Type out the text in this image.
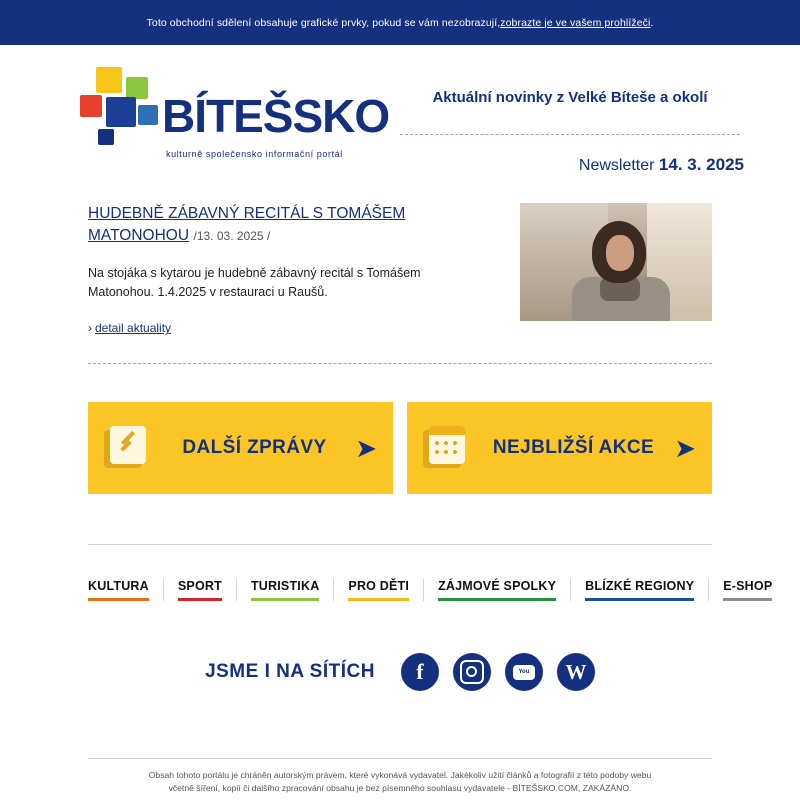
Toto obchodní sdělení obsahuje grafické prvky, pokud se vám nezobrazují, zobrazte je ve vašem prohlížeči .
BÍTEŠSKO
kulturně společensko informační portál
Aktuální novinky z Velké Bíteše a okolí
Newsletter 14. 3. 2025
HUDEBNĚ ZÁBAVNÝ RECITÁL S TOMÁŠEM MATONOHOU /13. 03. 2025 /
Na stojáka s kytarou je hudebně zábavný recitál s Tomášem Matonohou. 1.4.2025 v restauraci u Raušů.
› detail aktuality
DALŠÍ ZPRÁVY	➤	NEJBLIŽŠÍ AKCE ➤
KULTURA SPORT TURISTIKA PRO DĚTI ZÁJMOVÉ SPOLKY BLÍZKÉ REGIONY E-SHOP
JSME I NA SÍTÍCH f	You Tube
W
Obsah tohoto portálu je chráněn autorským právem, které vykonává vydavatel. Jakékoliv užití článků a fotografií z této podoby webu
včetně šíření, kopií či dalšího zpracování obsahu je bez písemného souhlasu vydavatele - BÍTEŠSKO.COM, ZAKÁZÁNO.
